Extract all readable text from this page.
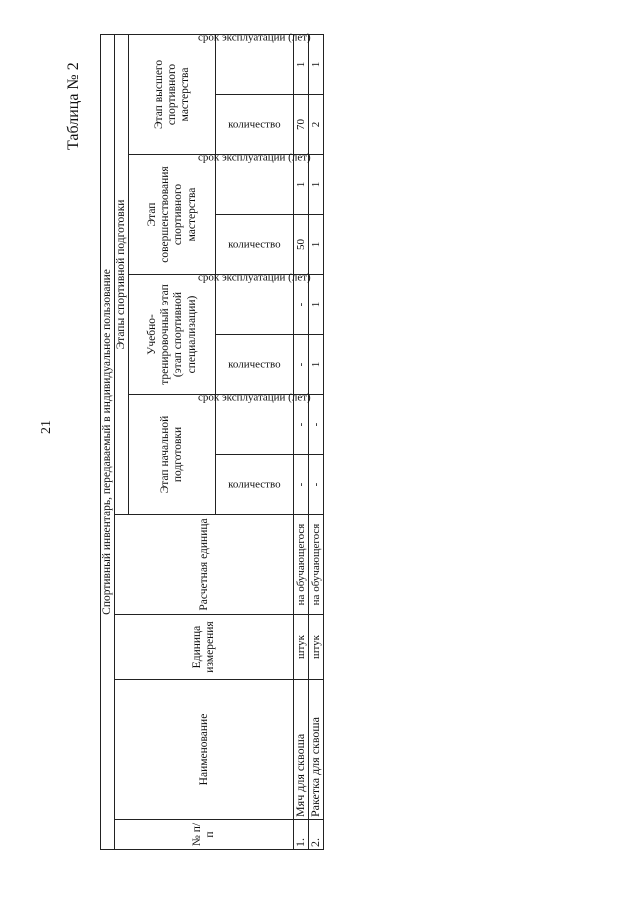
21
Таблица № 2
Спортивный инвентарь, передаваемый в индивидуальное пользование											
№ п/п	Наименование	Единица измерения	Расчетная единица	Этапы спортивной подготовки							
				Этап начальной подготовки		Учебно-тренировочный этап (этап спортивной специализации)		Этап совершенствования спортивного мастерства		Этап высшего спортивного мастерства	
				количество	срок эксплуатации (лет)	количество	срок эксплуатации (лет)	количество	срок эксплуатации (лет)	количество	срок эксплуатации (лет)
1.	Мяч для сквоша	штук	на обучающегося	-	-	-	-	50	1	70	1
2.	Ракетка для сквоша	штук	на обучающегося	-	-	1	1	1	1	2	1
